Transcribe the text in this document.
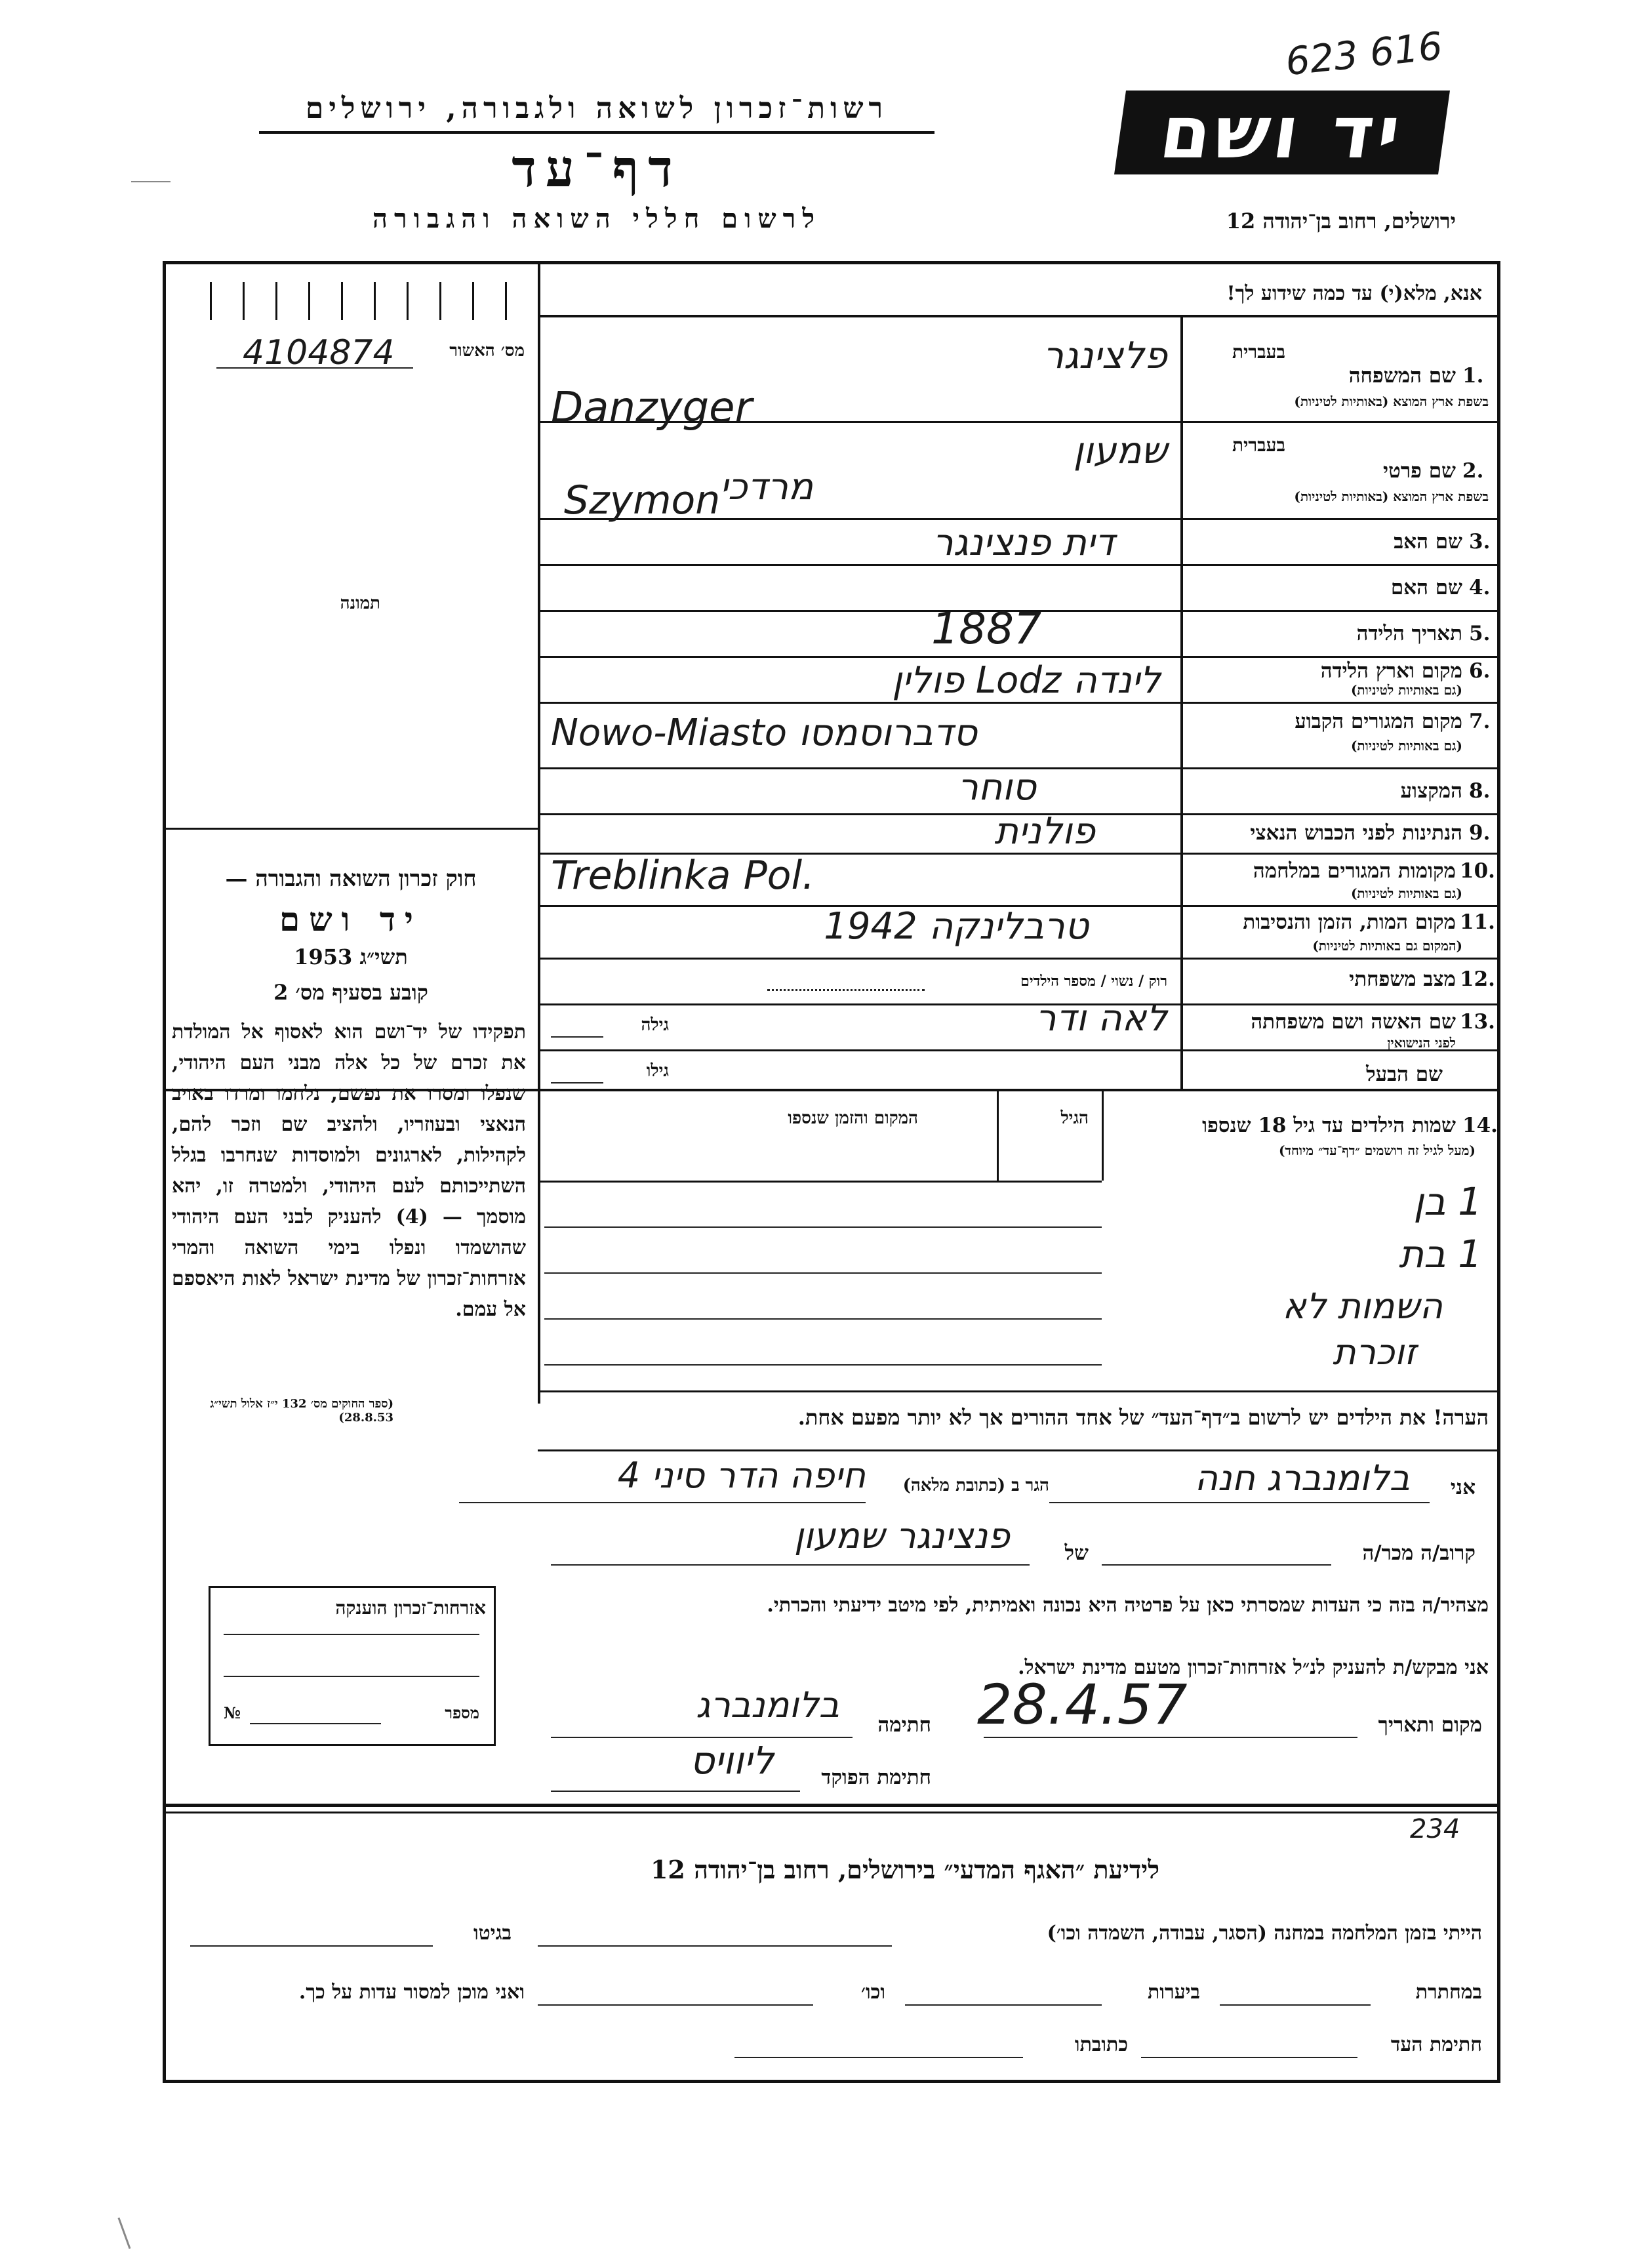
623 616
רשות־זכרון לשואה ולגבורה, ירושלים
דף־עד
לרשום חללי השואה והגבורה
יד ושם
ירושלים, רחוב בן־יהודה 12
אנא, מלא(י) עד כמה שידוע לך!
מס׳ האשור
4104874
תמונה
בעברית
1.
שם המשפחה
בשפת ארץ המוצא (באותיות לטיניות)
פלצינגר
Danzyger
בעברית
2.
שם פרטי
בשפת ארץ המוצא (באותיות לטיניות)
שמעון
Szymon
3.
שם האב
מרדכי
4.
שם האם
דית פנצינגר
5.
תאריך הלידה
1887
6.
מקום וארץ הלידה
(גם באותיות לטיניות)
לינדה Lodz פולין
7.
מקום המגורים הקבוע
(גם באותיות לטיניות)
Nowo-Miasto סדברוסמסו
8.
המקצוע
סוחר
9.
הנתינות לפני הכבוש הנאצי
פולנית
10.
מקומות המגורים במלחמה
(גם באותיות לטיניות)
Treblinka Pol.
11.
מקום המות, הזמן והנסיבות
(המקום גם באותיות לטיניות)
טרבלינקה 1942
12.
מצב משפחתי
רוק / נשוי / מספר הילדים
13.
שם האשה ושם משפחתה
לפני הנישואין
גילה	לאה ודר
שם הבעל
גילו
14.
שמות הילדים עד גיל 18 שנספו
(מעל לגיל זה רושמים ״דף־עד״ מיוחד)
הגיל
המקום והזמן שנספו
1 בן
1 בת
השמות לא
זוכרת
הערה! את הילדים יש לרשום ב״דף־העד״ של אחד ההורים אך לא יותר מפעם אחת.
חוק זכרון השואה והגבורה —
יד ושם
תשי״ג 1953
קובע בסעיף מס׳ 2
תפקידו של יד־ושם הוא לאסוף אל המולדת את זכרם של כל אלה מבני העם היהודי, שנפלו ומסרו את נפשם, נלחמו ומרדו באויב הנאצי ובעוזריו, ולהציב שם וזכר להם, לקהילות, לארגונים ולמוסדות שנחרבו בגלל השתייכותם לעם היהודי, ולמטרה זו, יהא מוסמך — (4) להעניק לבני העם היהודי שהושמדו ונפלו בימי השואה והמרי אזרחות־זכרון של מדינת ישראל לאות היאספם אל עמם.
(ספר החוקים מס׳ 132 י״ז אלול תשי״ג 28.8.53)
אני
בלומנברג חנה
הגר ב (כתובת מלאה)
חיפה הדר סיני 4
קרוב/ה מכר/ה
של
פנצינגר שמעון
מצהיר/ה בזה כי העדות שמסרתי כאן על פרטיה היא נכונה ואמיתית, לפי מיטב ידיעתי והכרתי.
אני מבקש/ת להעניק לנ״ל אזרחות־זכרון מטעם מדינת ישראל.
מקום ותאריך
28.4.57
חתימה
בלומנברג
חתימת הפוקד
ליוויס
אזרחות־זכרון הוענקה
מספר
№
234
לידיעת ״האגף המדעי״ בירושלים, רחוב בן־יהודה 12
הייתי בזמן המלחמה במחנה (הסגר, עבודה, השמדה וכו׳)
בגיטו
במחתרת
ביערות
וכו׳
ואני מוכן למסור עדות על כך.
חתימת העד
כתובתו
